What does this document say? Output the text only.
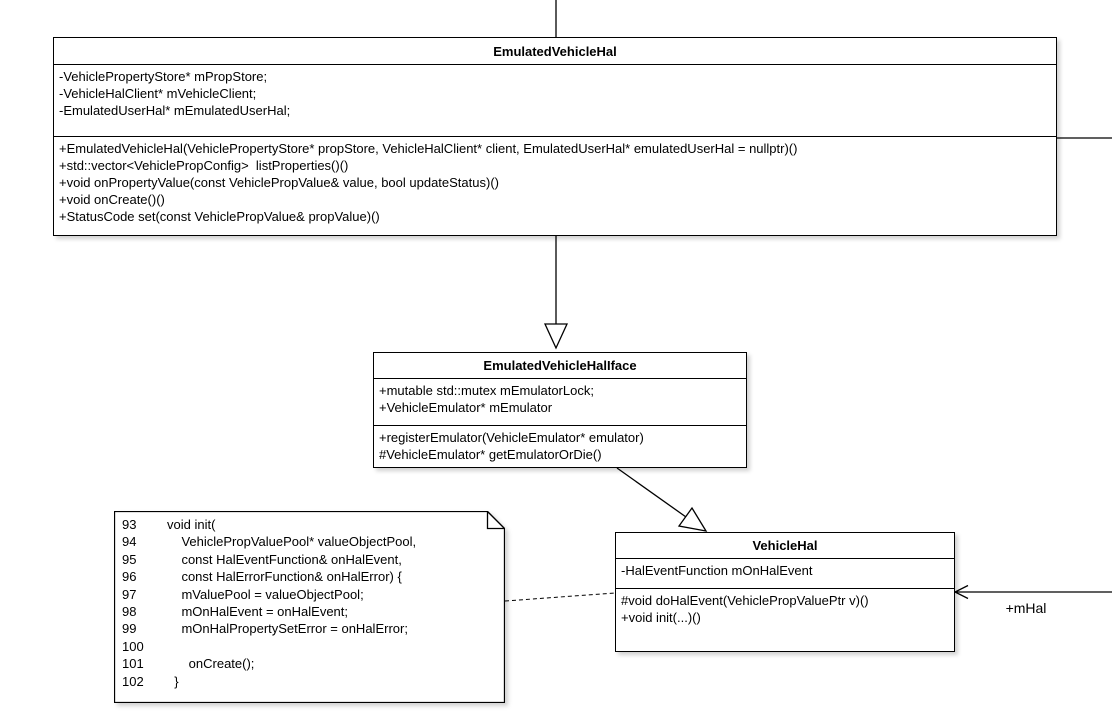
+mHal
EmulatedVehicleHal
-VehiclePropertyStore* mPropStore;
-VehicleHalClient* mVehicleClient;
-EmulatedUserHal* mEmulatedUserHal;
+EmulatedVehicleHal(VehiclePropertyStore* propStore, VehicleHalClient* client, EmulatedUserHal* emulatedUserHal = nullptr)()
+std::vector<VehiclePropConfig>  listProperties()()
+void onPropertyValue(const VehiclePropValue& value, bool updateStatus)()
+void onCreate()()
+StatusCode set(const VehiclePropValue& propValue)()
EmulatedVehicleHalIface
+mutable std::mutex mEmulatorLock;
+VehicleEmulator* mEmulator
+registerEmulator(VehicleEmulator* emulator)
#VehicleEmulator* getEmulatorOrDie()
VehicleHal
-HalEventFunction mOnHalEvent
#void doHalEvent(VehiclePropValuePtr v)()
+void init(...)()
93	void init(
94	VehiclePropValuePool* valueObjectPool,
95	const HalEventFunction& onHalEvent,
96	const HalErrorFunction& onHalError) {
97	mValuePool = valueObjectPool;
98	mOnHalEvent = onHalEvent;
99	mOnHalPropertySetError = onHalError;
100
101	onCreate();
102	}
